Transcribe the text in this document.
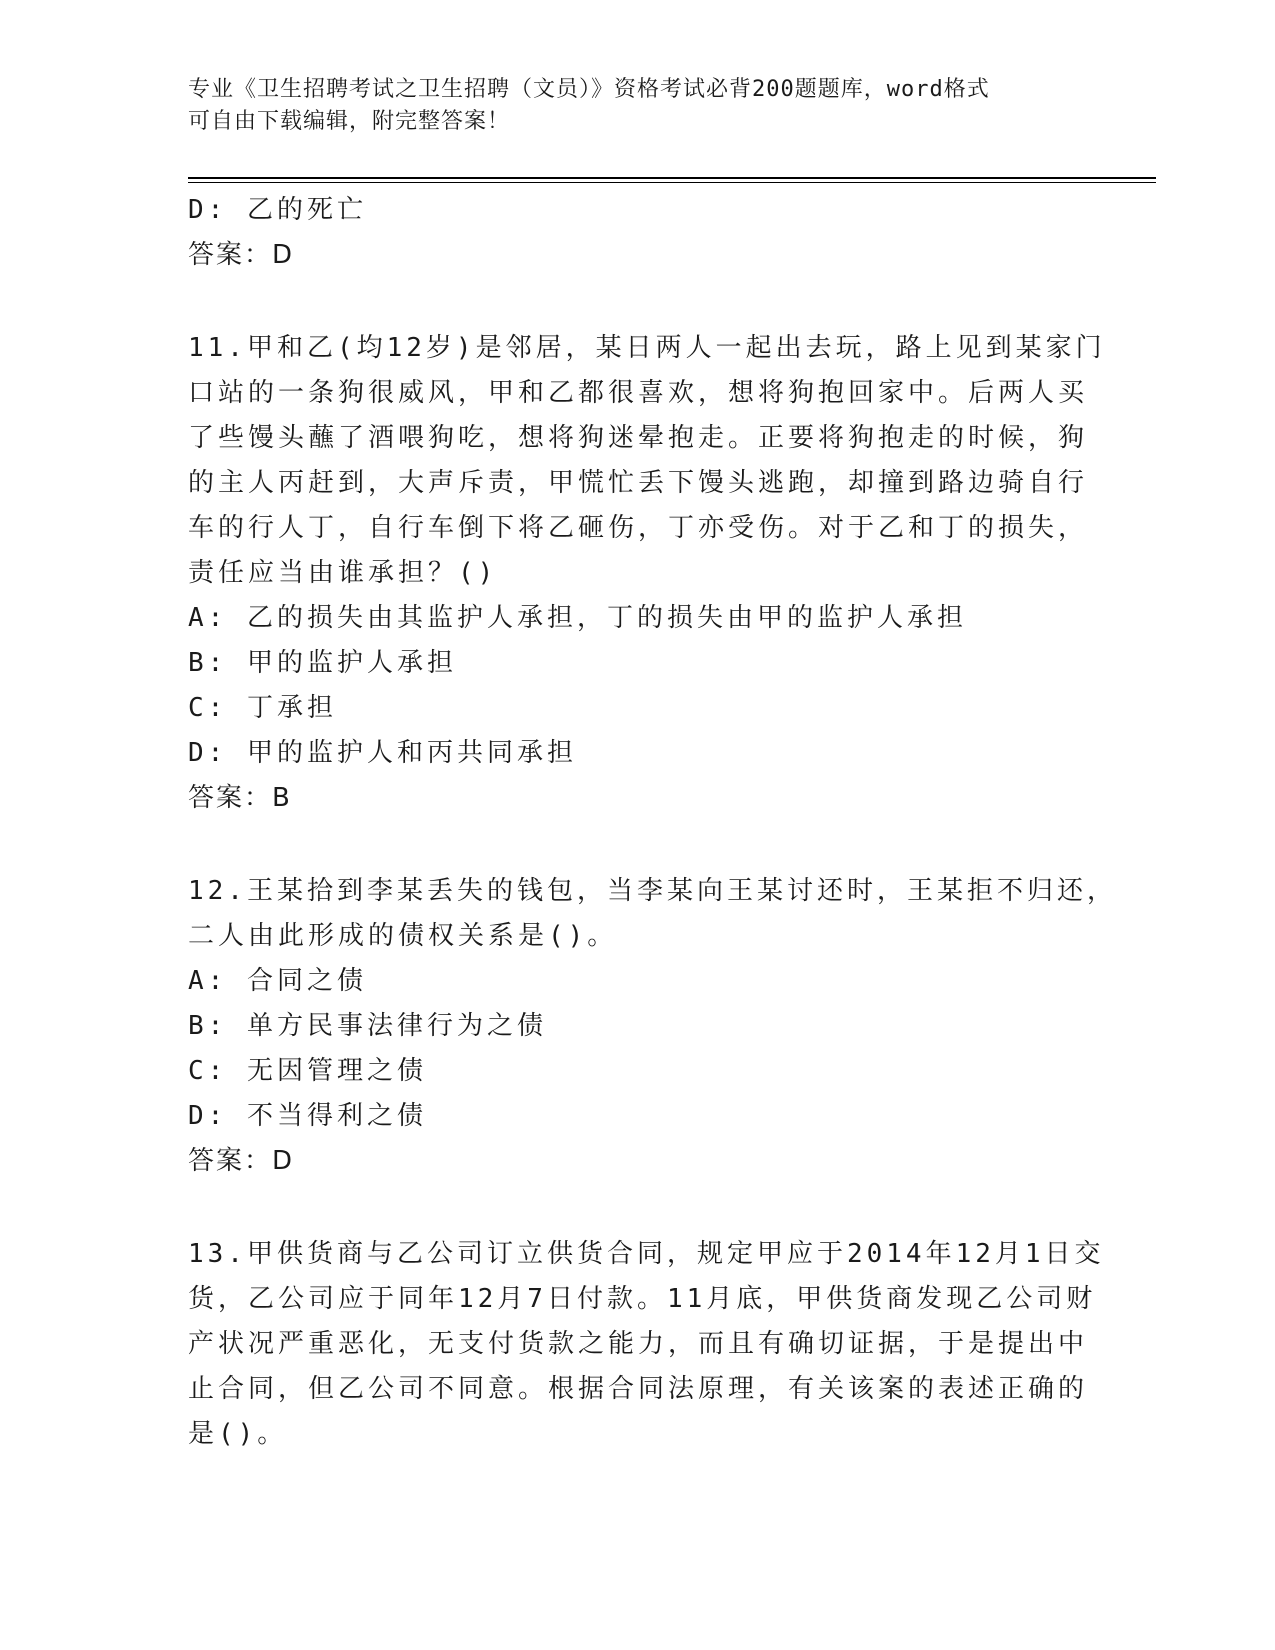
专业《卫生招聘考试之卫生招聘（文员）》资格考试必背200题题库，word格式
可自由下载编辑，附完整答案！
D: 乙的死亡
答案：D
11.甲和乙(均12岁)是邻居，某日两人一起出去玩，路上见到某家门
口站的一条狗很威风，甲和乙都很喜欢，想将狗抱回家中。后两人买
了些馒头蘸了酒喂狗吃，想将狗迷晕抱走。正要将狗抱走的时候，狗
的主人丙赶到，大声斥责，甲慌忙丢下馒头逃跑，却撞到路边骑自行
车的行人丁，自行车倒下将乙砸伤，丁亦受伤。对于乙和丁的损失，
责任应当由谁承担？()
A: 乙的损失由其监护人承担，丁的损失由甲的监护人承担
B: 甲的监护人承担
C: 丁承担
D: 甲的监护人和丙共同承担
答案：B
12.王某拾到李某丢失的钱包，当李某向王某讨还时，王某拒不归还，
二人由此形成的债权关系是()。
A: 合同之债
B: 单方民事法律行为之债
C: 无因管理之债
D: 不当得利之债
答案：D
13.甲供货商与乙公司订立供货合同，规定甲应于2014年12月1日交
货，乙公司应于同年12月7日付款。11月底，甲供货商发现乙公司财
产状况严重恶化，无支付货款之能力，而且有确切证据，于是提出中
止合同，但乙公司不同意。根据合同法原理，有关该案的表述正确的
是()。
